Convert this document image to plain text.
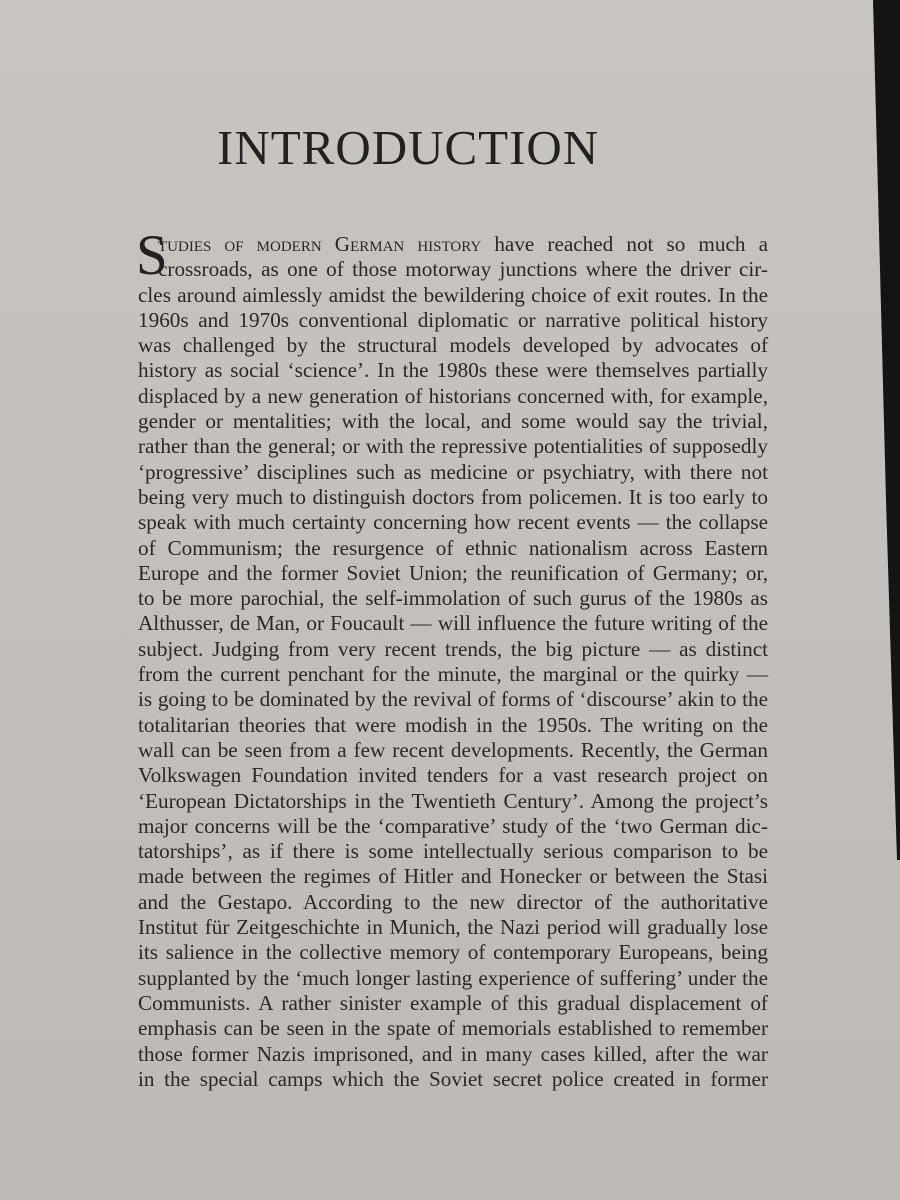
INTRODUCTION
S
tudies of modern German history have reached not so much a
crossroads, as one of those motorway junctions where the driver cir-
cles around aimlessly amidst the bewildering choice of exit routes. In the
1960s and 1970s conventional diplomatic or narrative political history
was challenged by the structural models developed by advocates of
history as social ‘science’. In the 1980s these were themselves partially
displaced by a new generation of historians concerned with, for example,
gender or mentalities; with the local, and some would say the trivial,
rather than the general; or with the repressive potentialities of supposedly
‘progressive’ disciplines such as medicine or psychiatry, with there not
being very much to distinguish doctors from policemen. It is too early to
speak with much certainty concerning how recent events — the collapse
of Communism; the resurgence of ethnic nationalism across Eastern
Europe and the former Soviet Union; the reunification of Germany; or,
to be more parochial, the self-immolation of such gurus of the 1980s as
Althusser, de Man, or Foucault — will influence the future writing of the
subject. Judging from very recent trends, the big picture — as distinct
from the current penchant for the minute, the marginal or the quirky —
is going to be dominated by the revival of forms of ‘discourse’ akin to the
totalitarian theories that were modish in the 1950s. The writing on the
wall can be seen from a few recent developments. Recently, the German
Volkswagen Foundation invited tenders for a vast research project on
‘European Dictatorships in the Twentieth Century’. Among the project’s
major concerns will be the ‘comparative’ study of the ‘two German dic-
tatorships’, as if there is some intellectually serious comparison to be
made between the regimes of Hitler and Honecker or between the Stasi
and the Gestapo. According to the new director of the authoritative
Institut für Zeitgeschichte in Munich, the Nazi period will gradually lose
its salience in the collective memory of contemporary Europeans, being
supplanted by the ‘much longer lasting experience of suffering’ under the
Communists. A rather sinister example of this gradual displacement of
emphasis can be seen in the spate of memorials established to remember
those former Nazis imprisoned, and in many cases killed, after the war
in the special camps which the Soviet secret police created in former
